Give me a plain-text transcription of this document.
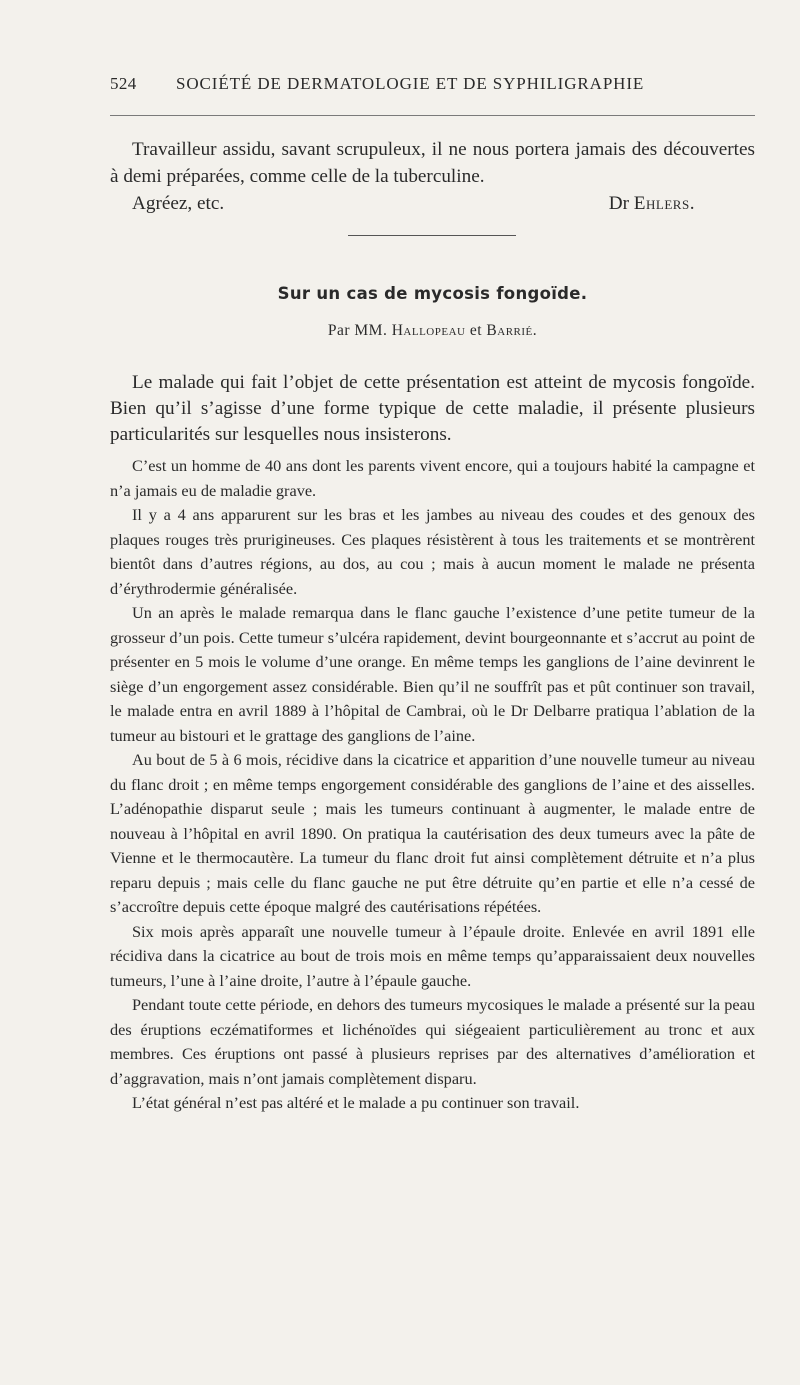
524 SOCIÉTÉ DE DERMATOLOGIE ET DE SYPHILIGRAPHIE

Travailleur assidu, savant scrupuleux, il ne nous portera jamais des découvertes à demi préparées, comme celle de la tuberculine.

Agréez, etc.	Dr Ehlers.
Sur un cas de mycosis fongoïde.
Par MM. Hallopeau et Barrié.

Le malade qui fait l’objet de cette présentation est atteint de mycosis fongoïde. Bien qu’il s’agisse d’une forme typique de cette maladie, il présente plusieurs particularités sur lesquelles nous insisterons.

C’est un homme de 40 ans dont les parents vivent encore, qui a toujours habité la campagne et n’a jamais eu de maladie grave.

Il y a 4 ans apparurent sur les bras et les jambes au niveau des coudes et des genoux des plaques rouges très prurigineuses. Ces plaques résistèrent à tous les traitements et se montrèrent bientôt dans d’autres régions, au dos, au cou ; mais à aucun moment le malade ne présenta d’érythrodermie généralisée.

Un an après le malade remarqua dans le flanc gauche l’existence d’une petite tumeur de la grosseur d’un pois. Cette tumeur s’ulcéra rapidement, devint bourgeonnante et s’accrut au point de présenter en 5 mois le volume d’une orange. En même temps les ganglions de l’aine devinrent le siège d’un engorgement assez considérable. Bien qu’il ne souffrît pas et pût continuer son travail, le malade entra en avril 1889 à l’hôpital de Cambrai, où le Dr Delbarre pratiqua l’ablation de la tumeur au bistouri et le grattage des ganglions de l’aine.

Au bout de 5 à 6 mois, récidive dans la cicatrice et apparition d’une nouvelle tumeur au niveau du flanc droit ; en même temps engorgement considérable des ganglions de l’aine et des aisselles. L’adénopathie disparut seule ; mais les tumeurs continuant à augmenter, le malade entre de nouveau à l’hôpital en avril 1890. On pratiqua la cautérisation des deux tumeurs avec la pâte de Vienne et le thermocautère. La tumeur du flanc droit fut ainsi complètement détruite et n’a plus reparu depuis ; mais celle du flanc gauche ne put être détruite qu’en partie et elle n’a cessé de s’accroître depuis cette époque malgré des cautérisations répétées.

Six mois après apparaît une nouvelle tumeur à l’épaule droite. Enlevée en avril 1891 elle récidiva dans la cicatrice au bout de trois mois en même temps qu’apparaissaient deux nouvelles tumeurs, l’une à l’aine droite, l’autre à l’épaule gauche.

Pendant toute cette période, en dehors des tumeurs mycosiques le malade a présenté sur la peau des éruptions eczématiformes et lichénoïdes qui siégeaient particulièrement au tronc et aux membres. Ces éruptions ont passé à plusieurs reprises par des alternatives d’amélioration et d’aggravation, mais n’ont jamais complètement disparu.

L’état général n’est pas altéré et le malade a pu continuer son travail.
